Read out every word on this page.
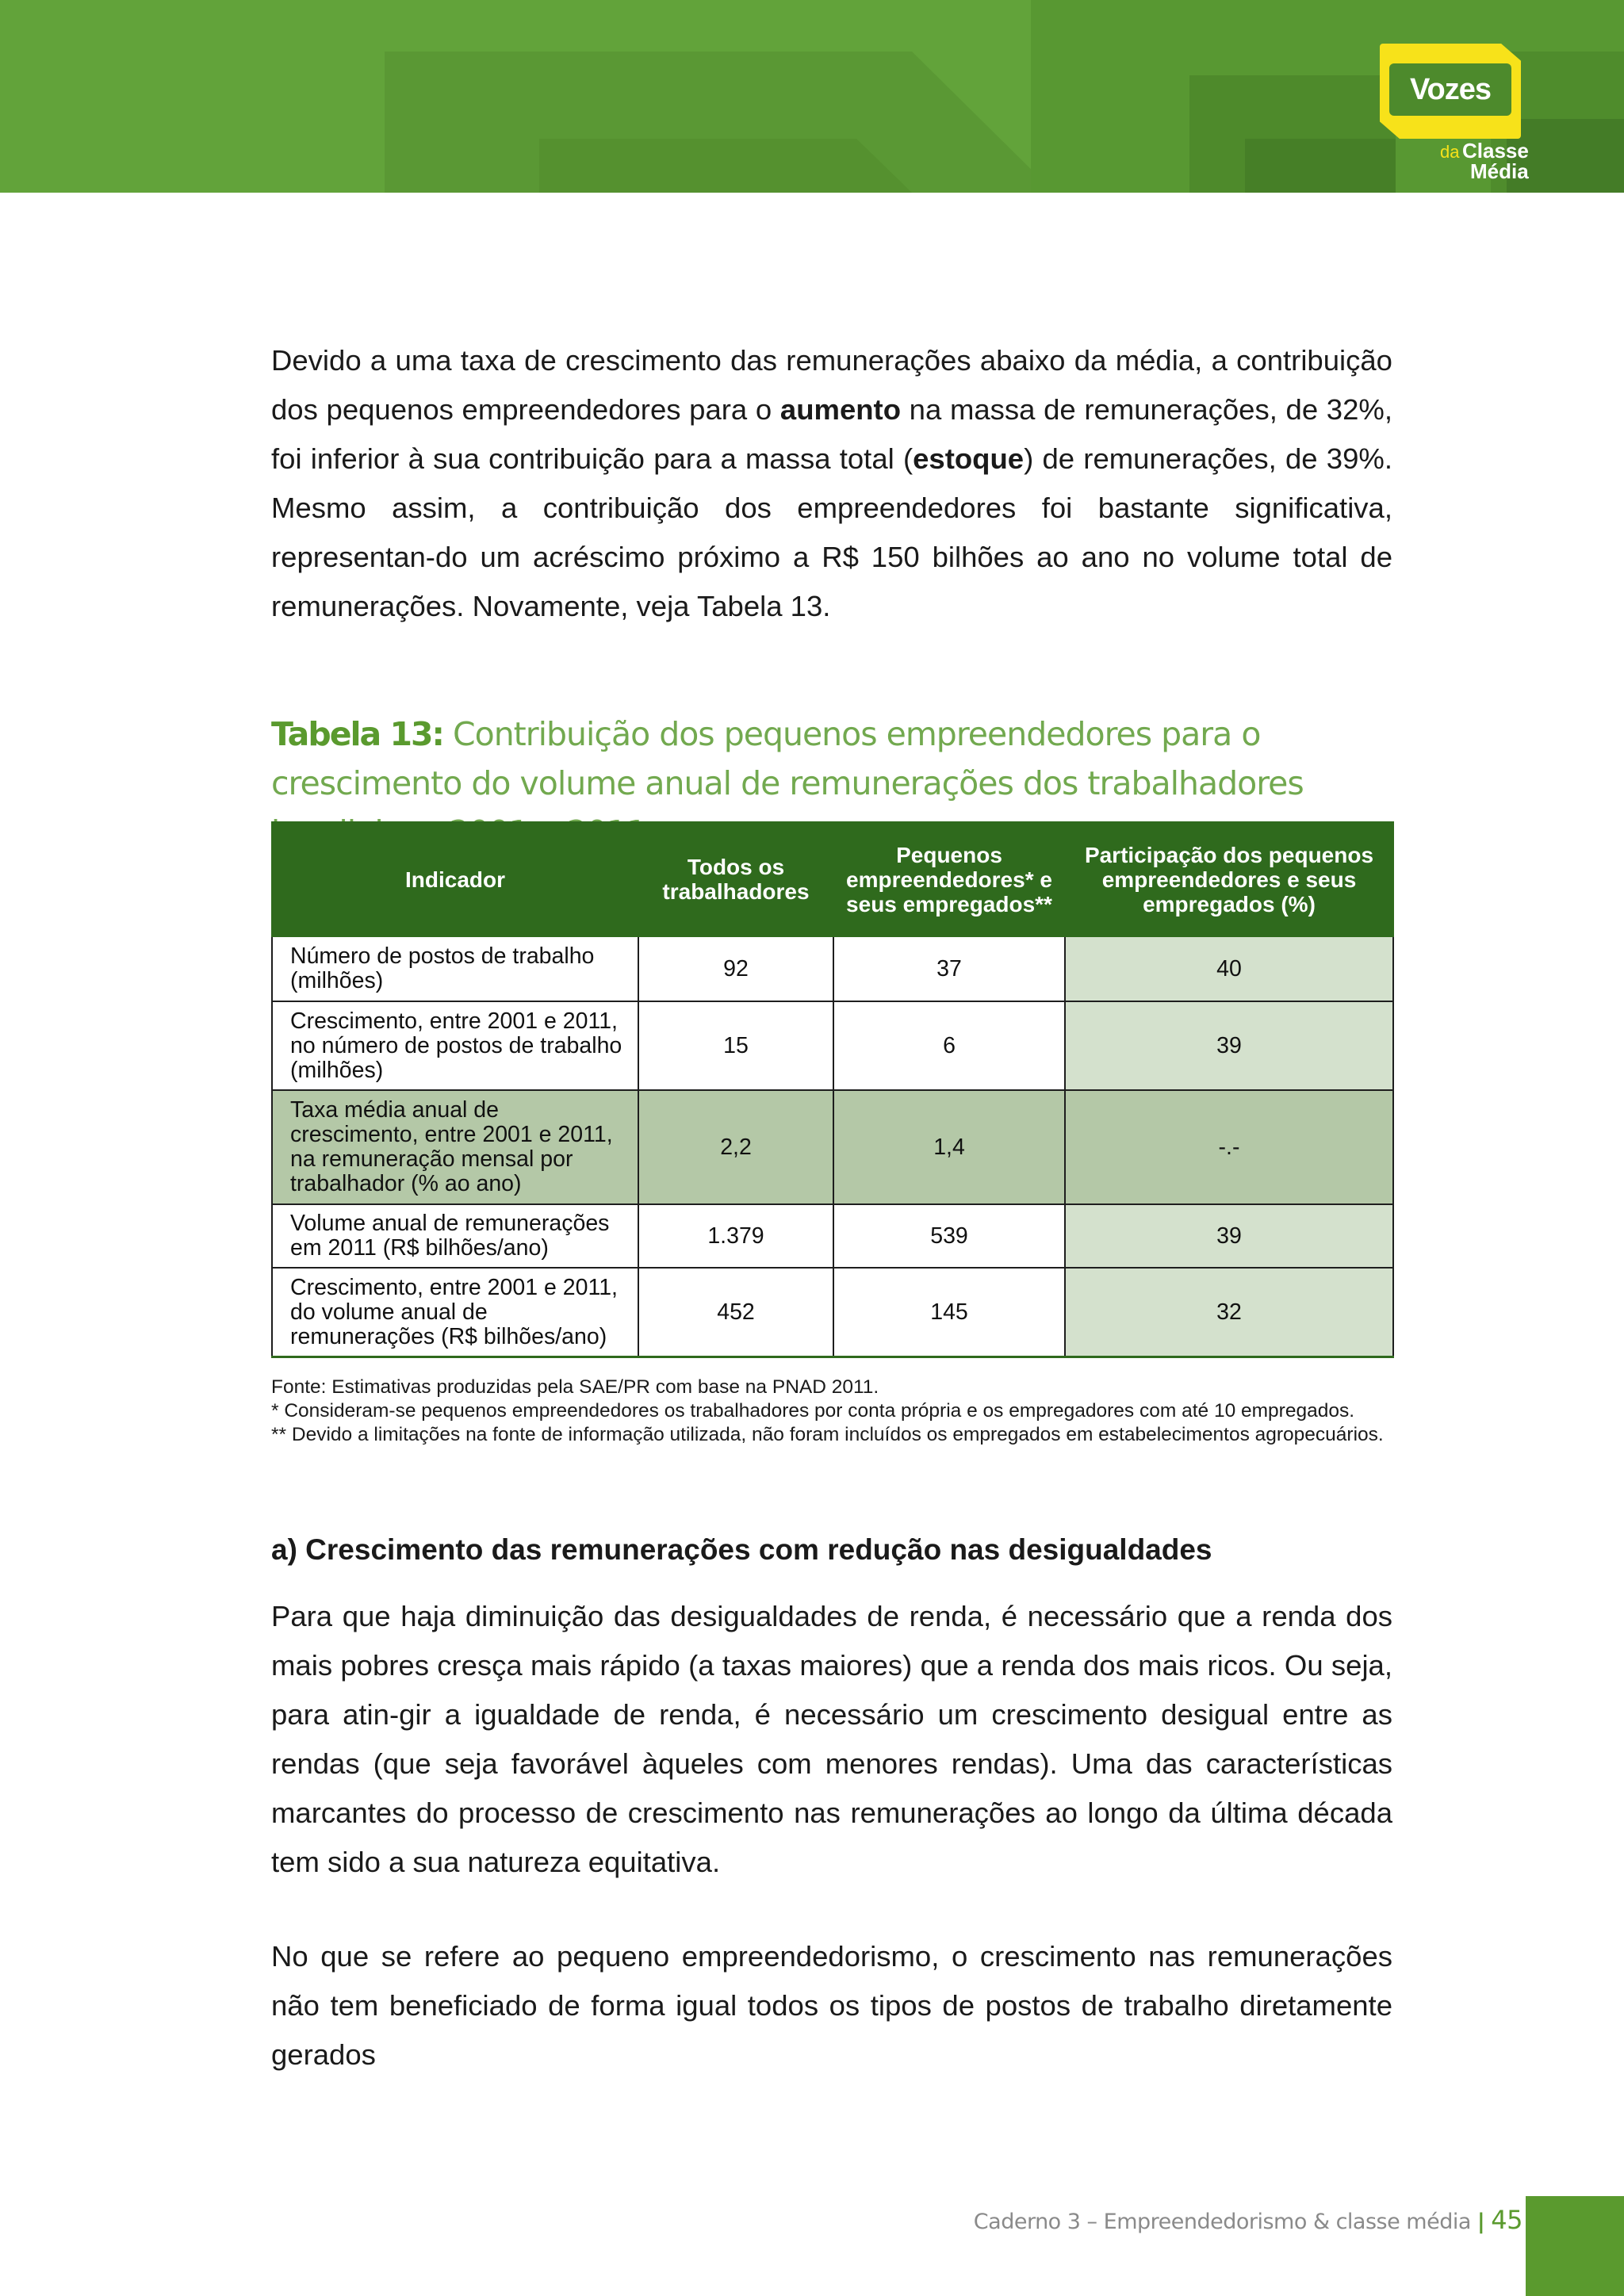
Vozes
nova
da Classe
Média

Devido a uma taxa de crescimento das remunerações abaixo da média, a contribuição dos pequenos empreendedores para o aumento na massa de remunerações, de 32%, foi inferior à sua contribuição para a massa total (estoque) de remunerações, de 39%. Mesmo assim, a contribuição dos empreendedores foi bastante significativa, representan-do um acréscimo próximo a R$ 150 bilhões ao ano no volume total de remunerações. Novamente, veja Tabela 13.

Tabela 13: Contribuição dos pequenos empreendedores para o crescimento do volume anual de remunerações dos trabalhadores

Indicador	Todos os trabalhadores	Pequenos empreendedores* e seus empregados**	Participação dos pequenos empreendedores e seus empregados (%)
Número de postos de trabalho (milhões)	92	37	40
Crescimento, entre 2001 e 2011, no número de postos de trabalho (milhões)	15	6	39
Taxa média anual de crescimento, entre 2001 e 2011, na remuneração mensal por trabalhador (% ao ano)	2,2	1,4	-.-
Volume anual de remunerações em 2011 (R$ bilhões/ano)	1.379	539	39
Crescimento, entre 2001 e 2011, do volume anual de remunerações (R$ bilhões/ano)	452	145	32

Fonte: Estimativas produzidas pela SAE/PR com base na PNAD 2011.

* Consideram-se pequenos empreendedores os trabalhadores por conta própria e os empregadores com até 10 empregados.

** Devido a limitações na fonte de informação utilizada, não foram incluídos os empregados em estabelecimentos agropecuários.

a) Crescimento das remunerações com redução nas desigualdades

Para que haja diminuição das desigualdades de renda, é necessário que a renda dos mais pobres cresça mais rápido (a taxas maiores) que a renda dos mais ricos. Ou seja, para atin-gir a igualdade de renda, é necessário um crescimento desigual entre as rendas (que seja favorável àqueles com menores rendas). Uma das características marcantes do processo de crescimento nas remunerações ao longo da última década tem sido a sua natureza equitativa.

No que se refere ao pequeno empreendedorismo, o crescimento nas remunerações não tem beneficiado de forma igual todos os tipos de postos de trabalho diretamente gerados

Caderno 3 – Empreendedorismo & classe média | 45
